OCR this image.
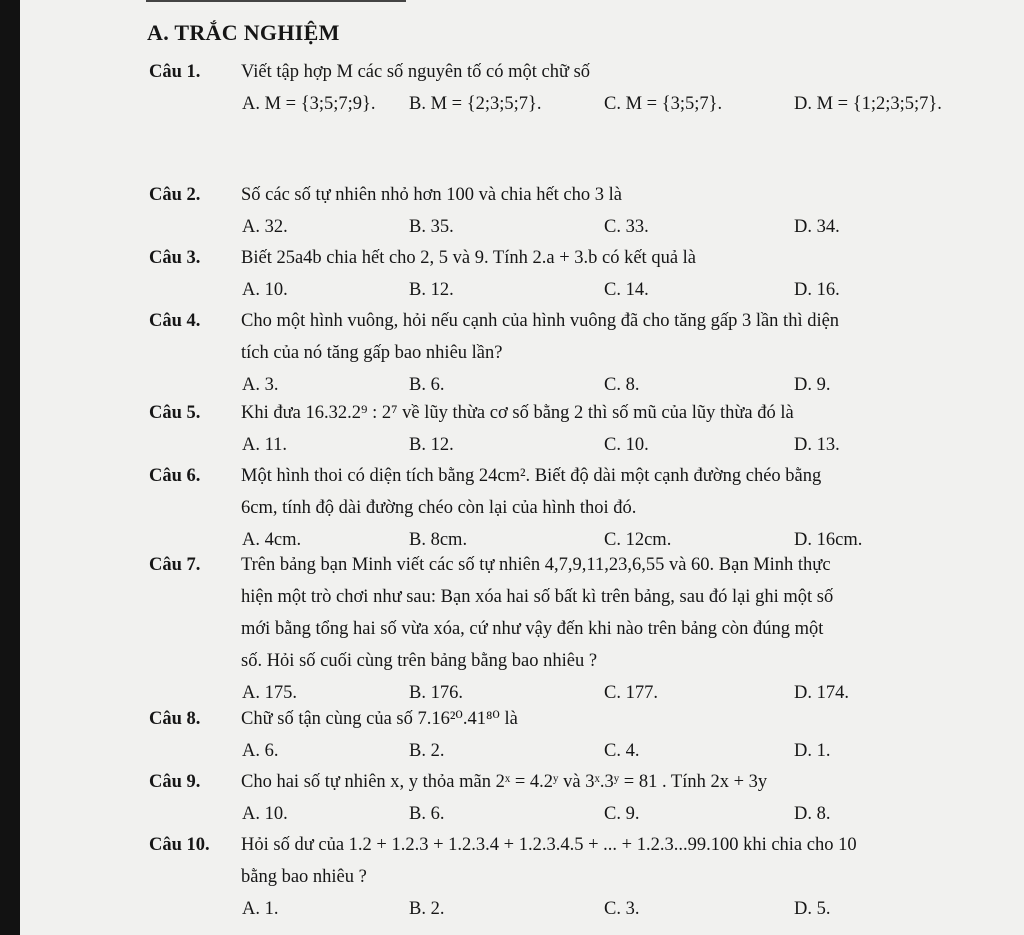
A. TRẮC NGHIỆM
Câu 1. Viết tập hợp M các số nguyên tố có một chữ số
A. M = {3;5;7;9}. B. M = {2;3;5;7}.	C. M = {3;5;7}.	D. M = {1;2;3;5;7}.
Câu 2. Số các số tự nhiên nhỏ hơn 100 và chia hết cho 3 là
A. 32.	B. 35.	C. 33.	D. 34.
Câu 3. Biết 25a4b chia hết cho 2, 5 và 9. Tính 2.a + 3.b có kết quả là
A. 10.	B. 12.	C. 14.	D. 16.
Câu 4. Cho một hình vuông, hỏi nếu cạnh của hình vuông đã cho tăng gấp 3 lần thì diện
tích của nó tăng gấp bao nhiêu lần?
A. 3.	B. 6.	C. 8.	D. 9.
Câu 5. Khi đưa 16.32.2⁹ : 2⁷ về lũy thừa cơ số bằng 2 thì số mũ của lũy thừa đó là
A. 11.	B. 12.	C. 10.	D. 13.
Câu 6. Một hình thoi có diện tích bằng 24cm². Biết độ dài một cạnh đường chéo bằng
6cm, tính độ dài đường chéo còn lại của hình thoi đó.
A. 4cm.	B. 8cm.	C. 12cm.	D. 16cm.
Câu 7. Trên bảng bạn Minh viết các số tự nhiên 4,7,9,11,23,6,55 và 60. Bạn Minh thực
hiện một trò chơi như sau: Bạn xóa hai số bất kì trên bảng, sau đó lại ghi một số
mới bằng tổng hai số vừa xóa, cứ như vậy đến khi nào trên bảng còn đúng một
số. Hỏi số cuối cùng trên bảng bằng bao nhiêu ?
A. 175.	B. 176.	C. 177.	D. 174.
Câu 8. Chữ số tận cùng của số 7.16²⁰.41⁸⁰ là
A. 6.	B. 2.	C. 4.	D. 1.
Câu 9. Cho hai số tự nhiên x, y thỏa mãn 2ˣ = 4.2ʸ và 3ˣ.3ʸ = 81 . Tính 2x + 3y
A. 10.	B. 6.	C. 9.	D. 8.
Câu 10. Hỏi số dư của 1.2 + 1.2.3 + 1.2.3.4 + 1.2.3.4.5 + ... + 1.2.3...99.100 khi chia cho 10
bằng bao nhiêu ?
A. 1.	B. 2.	C. 3.	D. 5.
